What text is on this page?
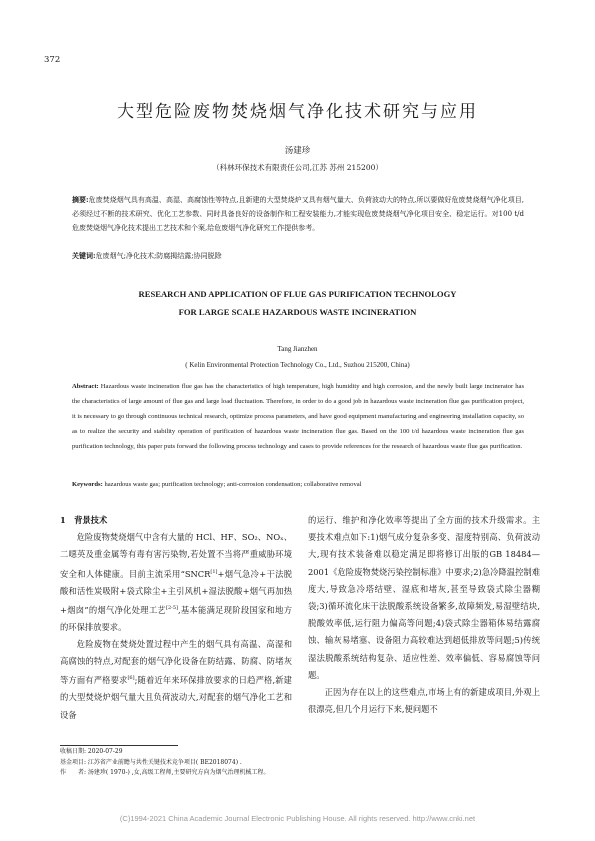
372
大型危险废物焚烧烟气净化技术研究与应用
汤建珍
（科林环保技术有限责任公司,江苏 苏州 215200）
摘要:危废焚烧烟气具有高温、高湿、高腐蚀性等特点,且新建的大型焚烧炉又具有烟气量大、负荷波动大的特点,所以要做好危废焚烧烟气净化项目,必须经过不断的技术研究、优化工艺参数、同时具备良好的设备制作和工程安装能力,才能实现危废焚烧烟气净化项目安全、稳定运行。对100 t/d危废焚烧烟气净化技术提出工艺技术和个案,给危废烟气净化研究工作提供参考。
关键词:危废烟气;净化技术;防腐揭结露;协同脱除
RESEARCH AND APPLICATION OF FLUE GAS PURIFICATION TECHNOLOGY
FOR LARGE SCALE HAZARDOUS WASTE INCINERATION
Tang Jianzhen
( Kelin Environmental Protection Technology Co., Ltd., Suzhou 215200, China)
Abstract: Hazardous waste incineration flue gas has the characteristics of high temperature, high humidity and high corrosion, and the newly built large incinerator has the characteristics of large amount of flue gas and large load fluctuation. Therefore, in order to do a good job in hazardous waste incineration flue gas purification project, it is necessary to go through continuous technical research, optimize process parameters, and have good equipment manufacturing and engineering installation capacity, so as to realize the security and stability operation of purification of hazardous waste incineration flue gas. Based on the 100 t/d hazardous waste incineration flue gas purification technology, this paper puts forward the following process technology and cases to provide references for the research of hazardous waste flue gas purification.
Keywords: hazardous waste gas; purification technology; anti-corrosion condensation; collaborative removal

1　背景技术

危险废物焚烧烟气中含有大量的 HCl、HF、SO₂、NOₓ、二噁英及重金属等有毒有害污染物,若处置不当将严重威胁环境安全和人体健康。目前主流采用“SNCR[1]+烟气急冷+干法脱酸和活性炭吸附+袋式除尘+主引风机+湿法脱酸+烟气再加热+烟囱”的烟气净化处理工艺[2-5],基本能满足现阶段国家和地方的环保排放要求。

危险废物在焚烧处置过程中产生的烟气具有高温、高湿和高腐蚀的特点,对配套的烟气净化设备在防结露、防腐、防堵灰等方面有严格要求[6];随着近年来环保排放要求的日趋严格,新建的大型焚烧炉烟气量大且负荷波动大,对配套的烟气净化工艺和设备

的运行、维护和净化效率等提出了全方面的技术升级需求。主要技术难点如下:1)烟气成分复杂多变、湿度特别高、负荷波动大,现有技术装备难以稳定满足即将修订出版的GB 18484—2001《危险废物焚烧污染控制标准》中要求;2)急冷降温控制难度大,导致急冷塔结壁、湿底和堵灰,甚至导致袋式除尘器糊袋;3)循环流化床干法脱酸系统设备繁多,故障频发,易湿壁结块,脱酸效率低,运行阻力偏高等问题;4)袋式除尘器箱体易结露腐蚀、输灰易堵塞、设备阻力高较难达到超低排放等问题;5)传统湿法脱酸系统结构复杂、适应性差、效率偏低、容易腐蚀等问题。

正因为存在以上的这些难点,市场上有的新建成项目,外观上很漂亮,但几个月运行下来,便问题不

收稿日期: 2020-07-29
基金项目: 江苏省产业前瞻与共性关键技术竞争项目( BE2018074) .
作　　者: 汤建珍( 1970-) ,女,高级工程师,主要研究方向为烟气治理机械工程。
(C)1994-2021 China Academic Journal Electronic Publishing House. All rights reserved. http://www.cnki.net
